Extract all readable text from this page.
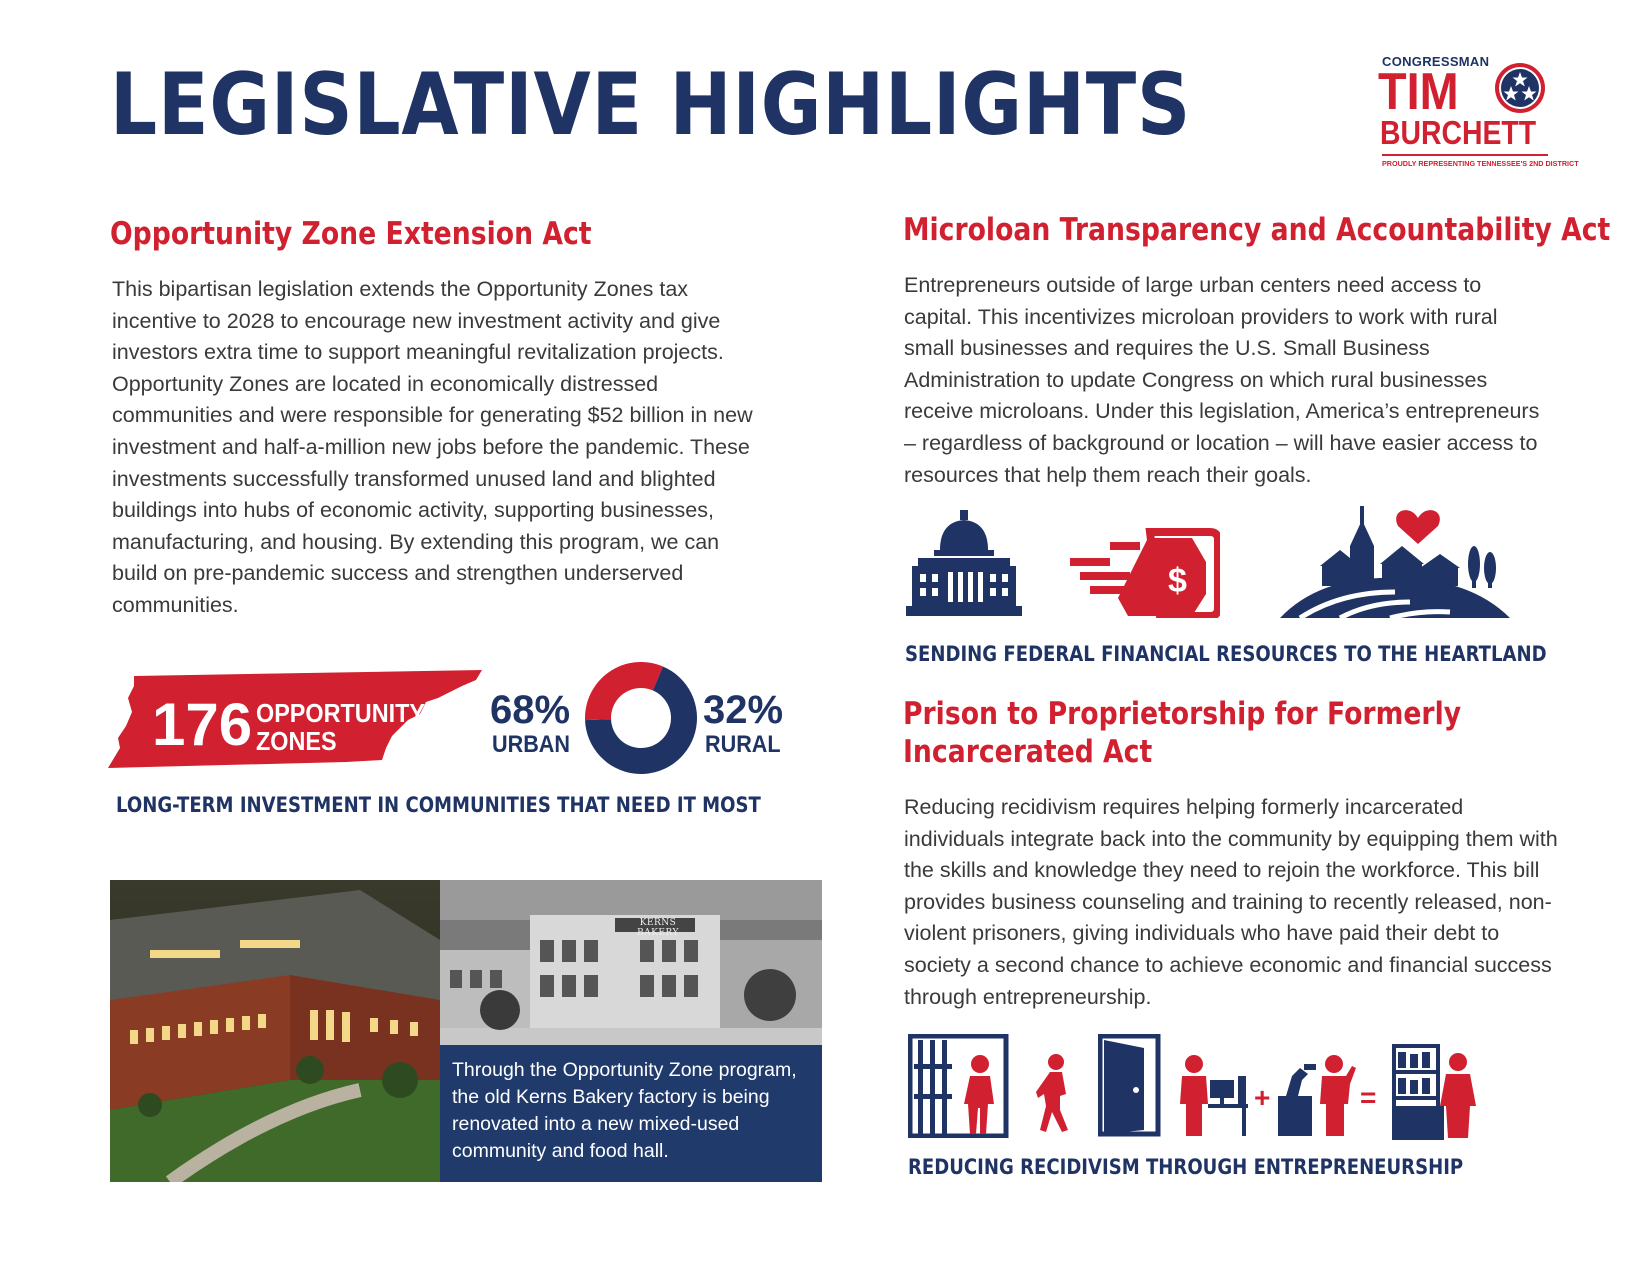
LEGISLATIVE HIGHLIGHTS	CONGRESSMAN
TIM
BURCHETT
PROUDLY REPRESENTING TENNESSEE'S 2ND DISTRICT
Opportunity Zone Extension Act

This bipartisan legislation extends the Opportunity Zones tax incentive to 2028 to encourage new investment activity and give investors extra time to support meaningful revitalization projects. Opportunity Zones are located in economically distressed communities and were responsible for generating $52 billion in new investment and half-a-million new jobs before the pandemic. These investments successfully transformed unused land and blighted buildings into hubs of economic activity, supporting businesses, manufacturing, and housing. By extending this program, we can build on pre-pandemic success and strengthen underserved communities.

176 OPPORTUNITY
ZONES
68%
URBAN
32%
RURAL
LONG-TERM INVESTMENT IN COMMUNITIES THAT NEED IT MOST
KERNS BAKERY

Through the Opportunity Zone program, the old Kerns Bakery factory is being renovated into a new mixed-used community and food hall.

Microloan Transparency and Accountability Act

Entrepreneurs outside of large urban centers need access to capital. This incentivizes microloan providers to work with rural small businesses and requires the U.S. Small Business Administration to update Congress on which rural businesses receive microloans. Under this legislation, America’s entrepreneurs – regardless of background or location – will have easier access to resources that help them reach their goals.

$
SENDING FEDERAL FINANCIAL RESOURCES TO THE HEARTLAND
Prison to Proprietorship for Formerly
Incarcerated Act

Reducing recidivism requires helping formerly incarcerated individuals integrate back into the community by equipping them with the skills and knowledge they need to rejoin the workforce. This bill provides business counseling and training to recently released, non-violent prisoners, giving individuals who have paid their debt to society a second chance to achieve economic and financial success through entrepreneurship.

+	=
REDUCING RECIDIVISM THROUGH ENTREPRENEURSHIP
